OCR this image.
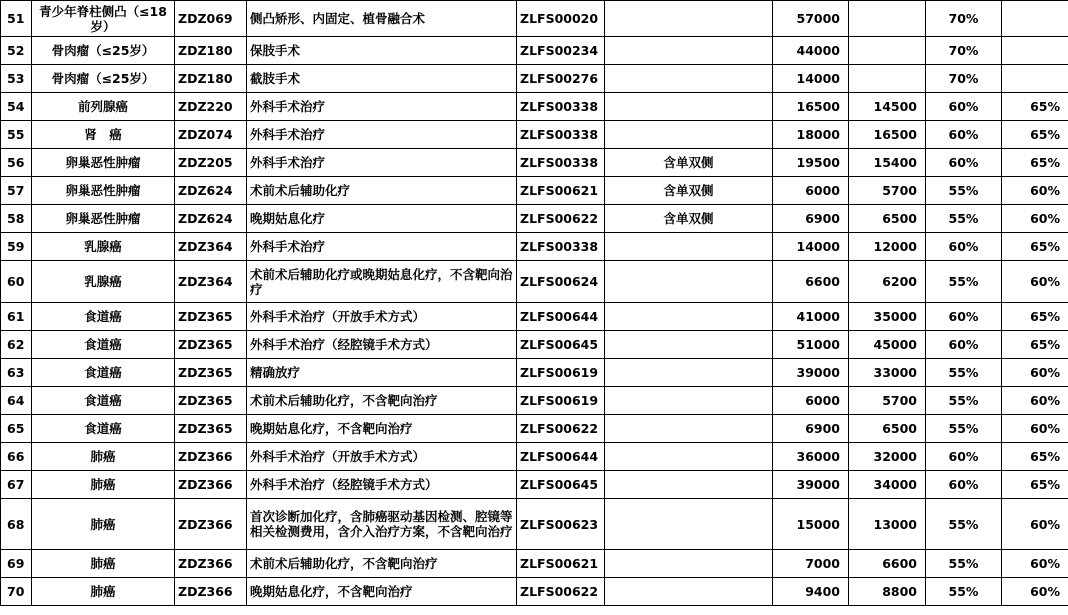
51	青少年脊柱侧凸（≤18岁）	ZDZ069	侧凸矫形、内固定、植骨融合术	ZLFS00020		57000		70%	
52	骨肉瘤（≤25岁）	ZDZ180	保肢手术	ZLFS00234		44000		70%	
53	骨肉瘤（≤25岁）	ZDZ180	截肢手术	ZLFS00276		14000		70%	
54	前列腺癌	ZDZ220	外科手术治疗	ZLFS00338		16500	14500	60%	65%
55	肾　癌	ZDZ074	外科手术治疗	ZLFS00338		18000	16500	60%	65%
56	卵巢恶性肿瘤	ZDZ205	外科手术治疗	ZLFS00338	含单双侧	19500	15400	60%	65%
57	卵巢恶性肿瘤	ZDZ624	术前术后辅助化疗	ZLFS00621	含单双侧	6000	5700	55%	60%
58	卵巢恶性肿瘤	ZDZ624	晚期姑息化疗	ZLFS00622	含单双侧	6900	6500	55%	60%
59	乳腺癌	ZDZ364	外科手术治疗	ZLFS00338		14000	12000	60%	65%
60	乳腺癌	ZDZ364	术前术后辅助化疗或晚期姑息化疗，不含靶向治疗	ZLFS00624		6600	6200	55%	60%
61	食道癌	ZDZ365	外科手术治疗（开放手术方式）	ZLFS00644		41000	35000	60%	65%
62	食道癌	ZDZ365	外科手术治疗（经腔镜手术方式）	ZLFS00645		51000	45000	60%	65%
63	食道癌	ZDZ365	精确放疗	ZLFS00619		39000	33000	55%	60%
64	食道癌	ZDZ365	术前术后辅助化疗，不含靶向治疗	ZLFS00619		6000	5700	55%	60%
65	食道癌	ZDZ365	晚期姑息化疗，不含靶向治疗	ZLFS00622		6900	6500	55%	60%
66	肺癌	ZDZ366	外科手术治疗（开放手术方式）	ZLFS00644		36000	32000	60%	65%
67	肺癌	ZDZ366	外科手术治疗（经腔镜手术方式）	ZLFS00645		39000	34000	60%	65%
68	肺癌	ZDZ366	首次诊断加化疗，含肺癌驱动基因检测、腔镜等相关检测费用，含介入治疗方案，不含靶向治疗	ZLFS00623		15000	13000	55%	60%
69	肺癌	ZDZ366	术前术后辅助化疗，不含靶向治疗	ZLFS00621		7000	6600	55%	60%
70	肺癌	ZDZ366	晚期姑息化疗，不含靶向治疗	ZLFS00622		9400	8800	55%	60%
